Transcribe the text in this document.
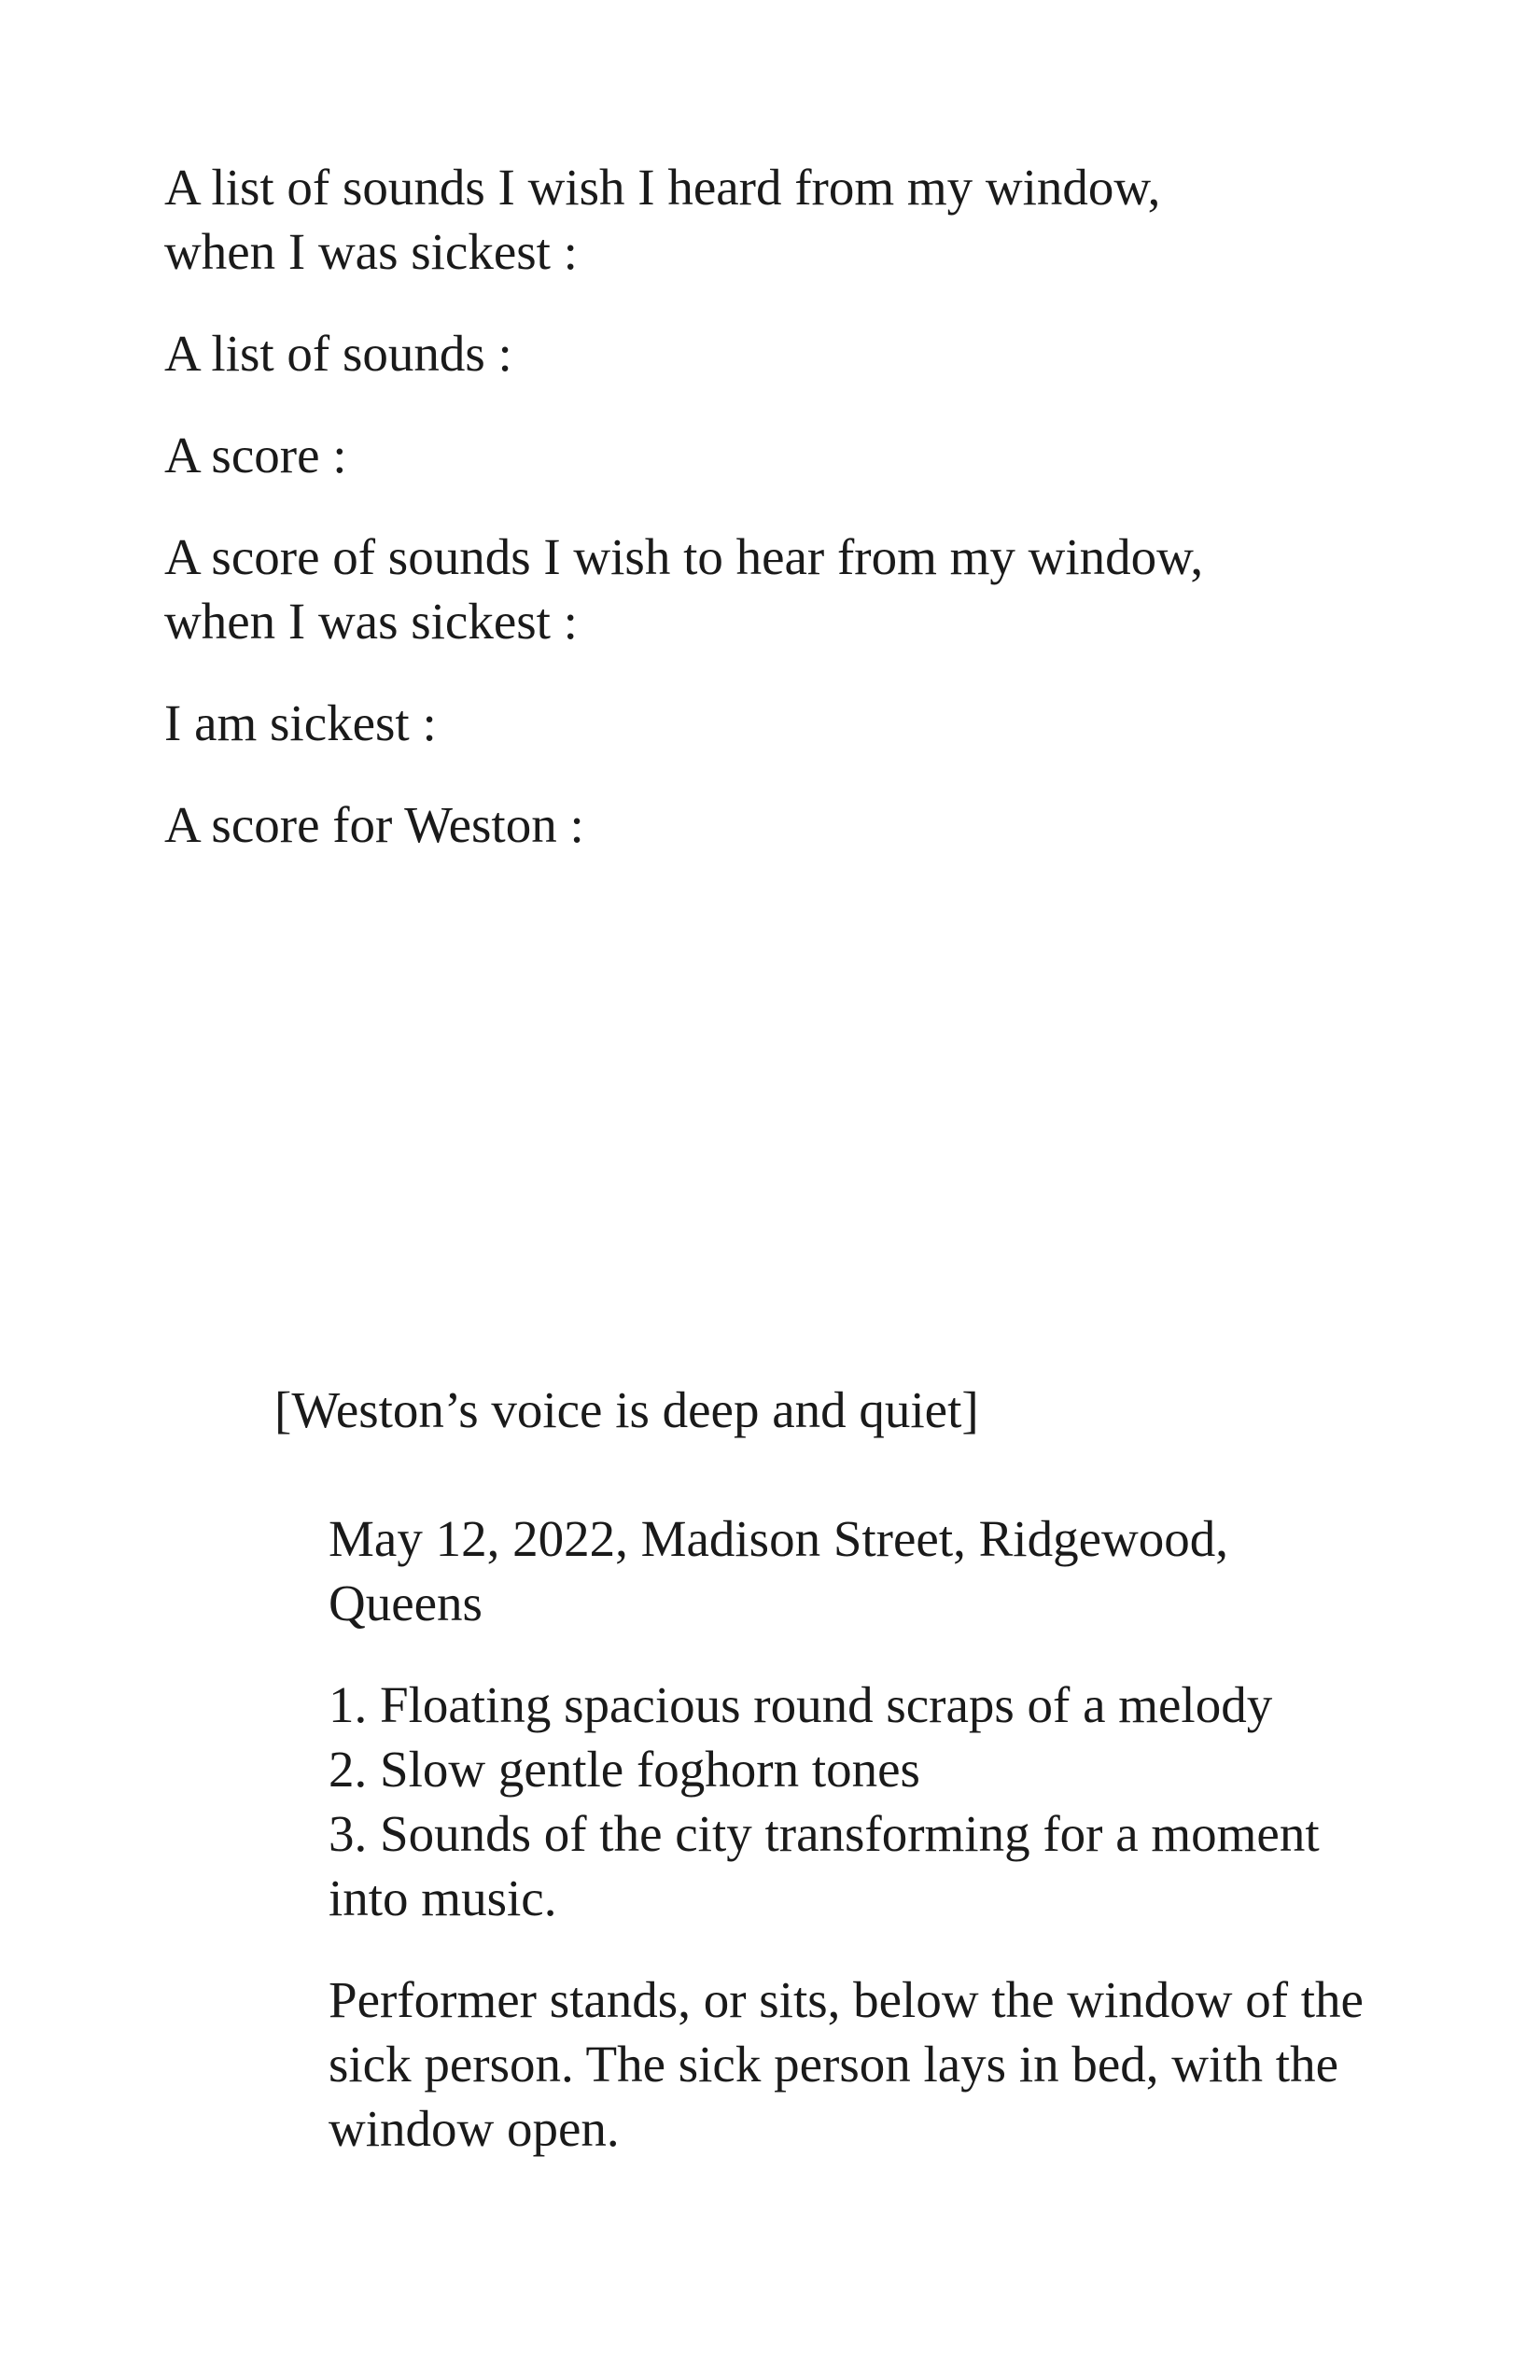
A list of sounds I wish I heard from my window, when I was sickest :

A list of sounds :

A score :

A score of sounds I wish to hear from my window, when I was sickest :

I am sickest :

A score for Weston :

[Weston’s voice is deep and quiet]

May 12, 2022, Madison Street, Ridgewood, Queens

1. Floating spacious round scraps of a melody
2. Slow gentle foghorn tones
3. Sounds of the city transforming for a moment into music.

Performer stands, or sits, below the window of the sick person. The sick person lays in bed, with the window open.
